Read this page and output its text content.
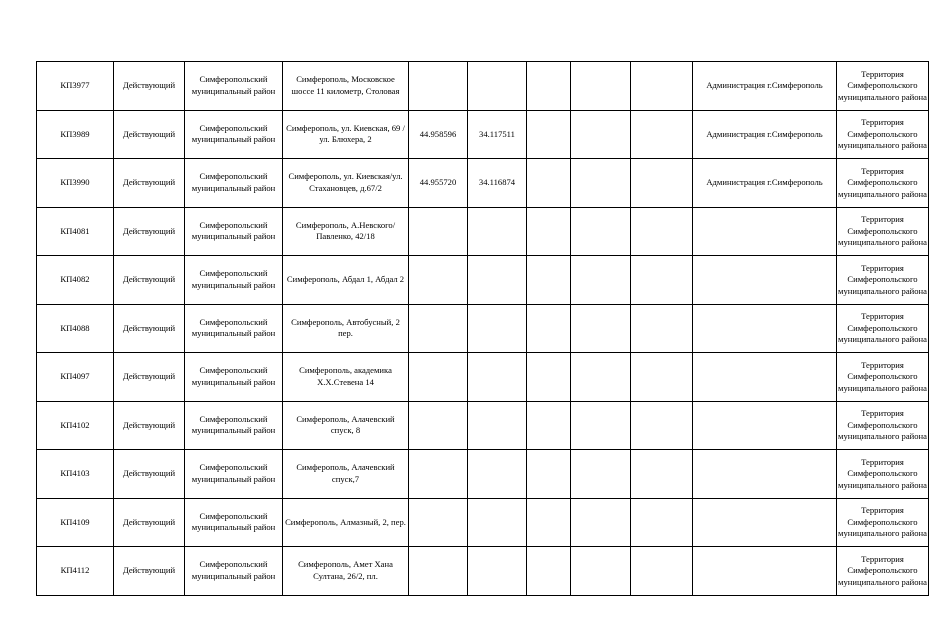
КП3977	Действующий	Симферопольский муниципальный район	Симферополь, Московское шоссе 11 километр, Столовая						Администрация г.Симферополь	Территория Симферопольского муниципального района
КП3989	Действующий	Симферопольский муниципальный район	Симферополь, ул. Киевская, 69 / ул. Блюхера, 2	44.958596	34.117511				Администрация г.Симферополь	Территория Симферопольского муниципального района
КП3990	Действующий	Симферопольский муниципальный район	Симферополь, ул. Киевская/ул. Стахановцев, д.67/2	44.955720	34.116874				Администрация г.Симферополь	Территория Симферопольского муниципального района
КП4081	Действующий	Симферопольский муниципальный район	Симферополь, А.Невского/Павленко, 42/18							Территория Симферопольского муниципального района
КП4082	Действующий	Симферопольский муниципальный район	Симферополь, Абдал 1, Абдал 2							Территория Симферопольского муниципального района
КП4088	Действующий	Симферопольский муниципальный район	Симферополь, Автобусный, 2 пер.							Территория Симферопольского муниципального района
КП4097	Действующий	Симферопольский муниципальный район	Симферополь, академика Х.Х.Стевена 14							Территория Симферопольского муниципального района
КП4102	Действующий	Симферопольский муниципальный район	Симферополь, Алачевский спуск, 8							Территория Симферопольского муниципального района
КП4103	Действующий	Симферопольский муниципальный район	Симферополь, Алачевский спуск,7							Территория Симферопольского муниципального района
КП4109	Действующий	Симферопольский муниципальный район	Симферополь, Алмазный, 2, пер.							Территория Симферопольского муниципального района
КП4112	Действующий	Симферопольский муниципальный район	Симферополь, Амет Хана Султана, 26/2, пл.							Территория Симферопольского муниципального района
